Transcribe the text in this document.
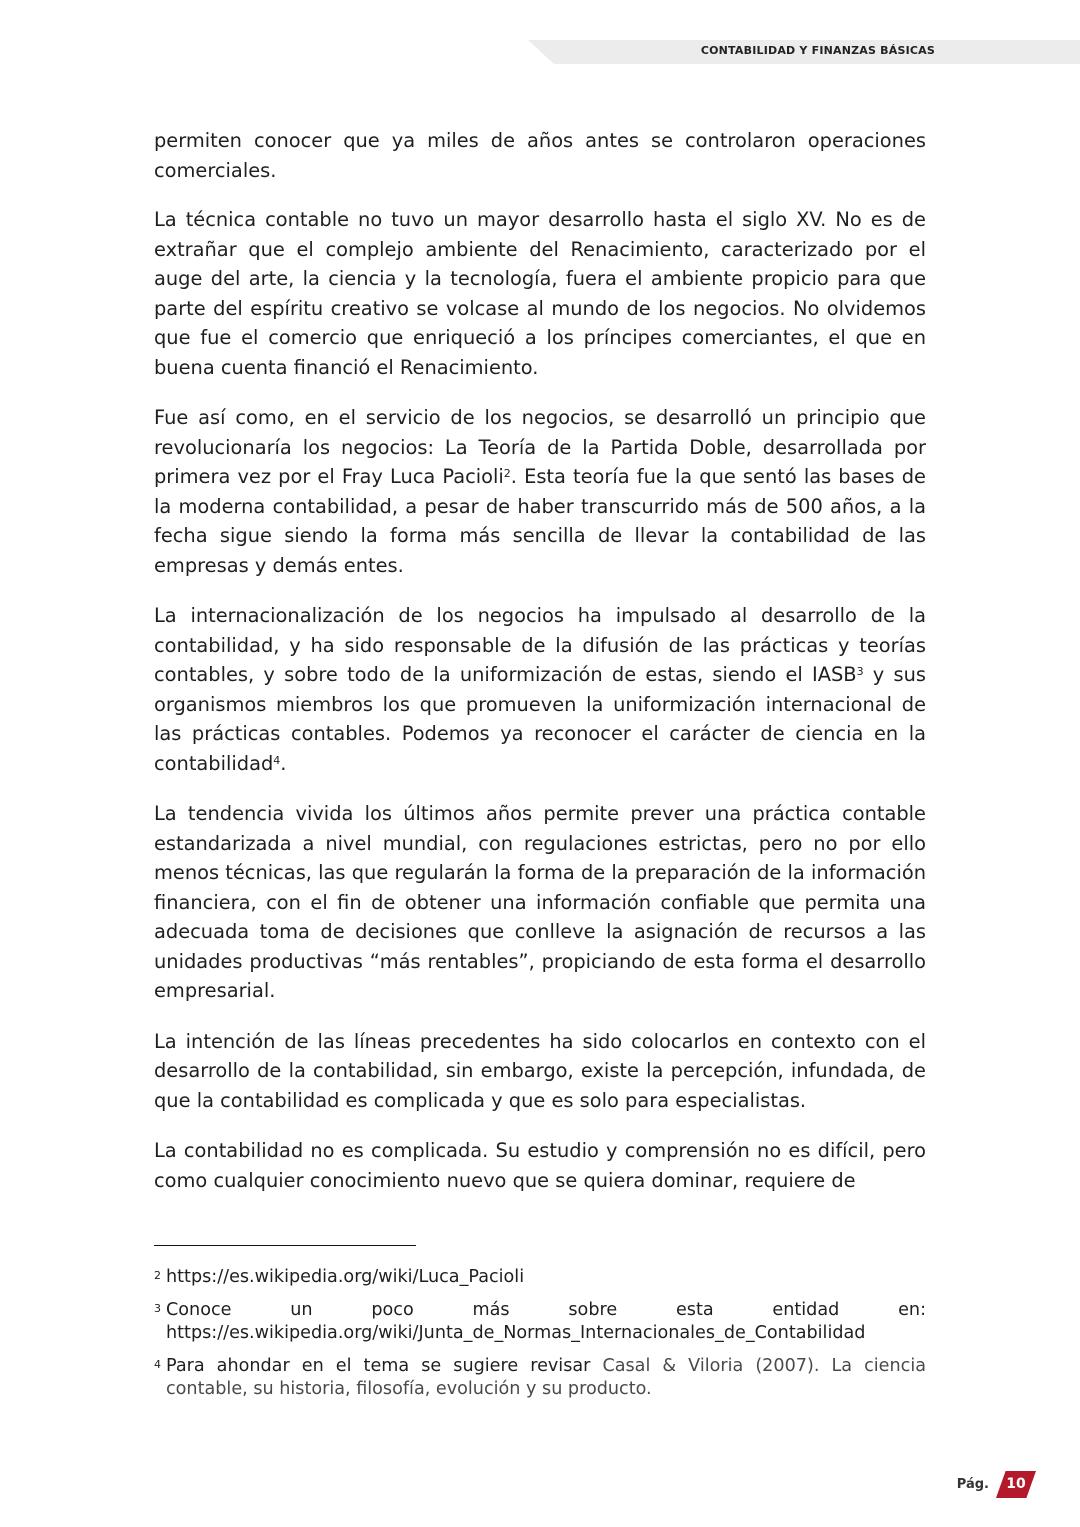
CONTABILIDAD Y FINANZAS BÁSICAS

permiten conocer que ya miles de años antes se controlaron operaciones comerciales.

La técnica contable no tuvo un mayor desarrollo hasta el siglo XV. No es de extrañar que el complejo ambiente del Renacimiento, caracterizado por el auge del arte, la ciencia y la tecnología, fuera el ambiente propicio para que parte del espíritu creativo se volcase al mundo de los negocios. No olvidemos que fue el comercio que enriqueció a los príncipes comerciantes, el que en buena cuenta financió el Renacimiento.

Fue así como, en el servicio de los negocios, se desarrolló un principio que revolucionaría los negocios: La Teoría de la Partida Doble, desarrollada por primera vez por el Fray Luca Pacioli$^2$. Esta teoría fue la que sentó las bases de la moderna contabilidad, a pesar de haber transcurrido más de 500 años, a la fecha sigue siendo la forma más sencilla de llevar la contabilidad de las empresas y demás entes.

La internacionalización de los negocios ha impulsado al desarrollo de la contabilidad, y ha sido responsable de la difusión de las prácticas y teorías contables, y sobre todo de la uniformización de estas, siendo el IASB$^3$ y sus organismos miembros los que promueven la uniformización internacional de las prácticas contables. Podemos ya reconocer el carácter de ciencia en la contabilidad$^4$.

La tendencia vivida los últimos años permite prever una práctica contable estandarizada a nivel mundial, con regulaciones estrictas, pero no por ello menos técnicas, las que regularán la forma de la preparación de la información financiera, con el fin de obtener una información confiable que permita una adecuada toma de decisiones que conlleve la asignación de recursos a las unidades productivas “más rentables”, propiciando de esta forma el desarrollo empresarial.

La intención de las líneas precedentes ha sido colocarlos en contexto con el desarrollo de la contabilidad, sin embargo, existe la percepción, infundada, de que la contabilidad es complicada y que es solo para especialistas.

La contabilidad no es complicada. Su estudio y comprensión no es difícil, pero como cualquier conocimiento nuevo que se quiera dominar, requiere de

2 https://es.wikipedia.org/wiki/Luca_Pacioli
3 Conoce un poco más sobre esta entidad en: https://es.wikipedia.org/wiki/Junta_de_Normas_Internacionales_de_Contabilidad
4 Para ahondar en el tema se sugiere revisar Casal & Viloria (2007). La ciencia contable, su historia, filosofía, evolución y su producto.
Pág.	10
